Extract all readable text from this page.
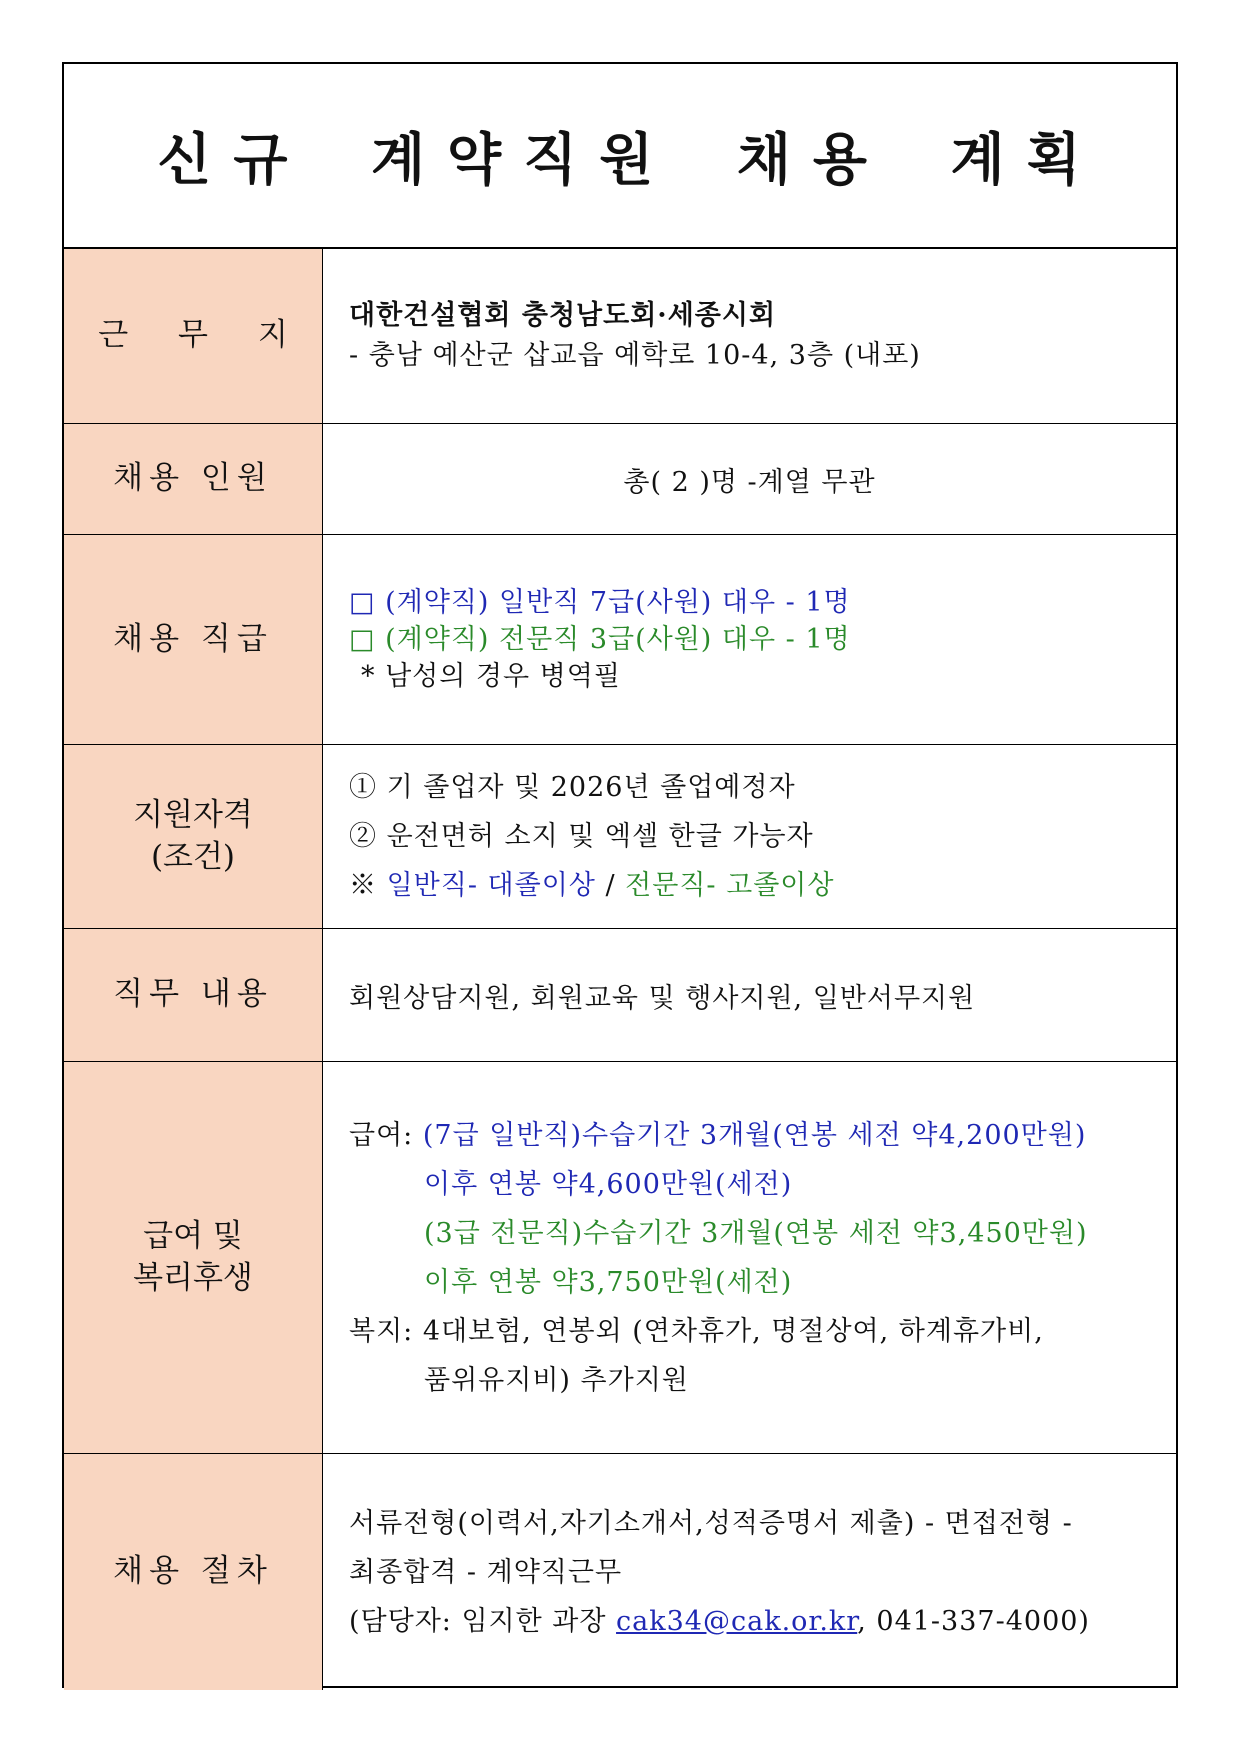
신규 계약직원 채용 계획
근 무 지
대한건설협회 충청남도회·세종시회
- 충남 예산군 삽교읍 예학로 10-4, 3층 (내포)
채용 인원	총( 2 )명 -계열 무관
채용 직급
□ (계약직) 일반직 7급(사원) 대우 - 1명
□ (계약직) 전문직 3급(사원) 대우 - 1명
* 남성의 경우 병역필
지원자격
(조건)
① 기 졸업자 및 2026년 졸업예정자
② 운전면허 소지 및 엑셀 한글 가능자
※ 일반직- 대졸이상 / 전문직- 고졸이상
직무 내용	회원상담지원, 회원교육 및 행사지원, 일반서무지원
급여 및
복리후생
급여: (7급 일반직)수습기간 3개월(연봉 세전 약4,200만원)
이후 연봉 약4,600만원(세전)
(3급 전문직)수습기간 3개월(연봉 세전 약3,450만원)
이후 연봉 약3,750만원(세전)
복지: 4대보험, 연봉외 (연차휴가, 명절상여, 하계휴가비,
품위유지비) 추가지원
채용 절차
서류전형(이력서,자기소개서,성적증명서 제출) - 면접전형 -
최종합격 - 계약직근무
(담당자: 임지한 과장 cak34@cak.or.kr, 041-337-4000)
